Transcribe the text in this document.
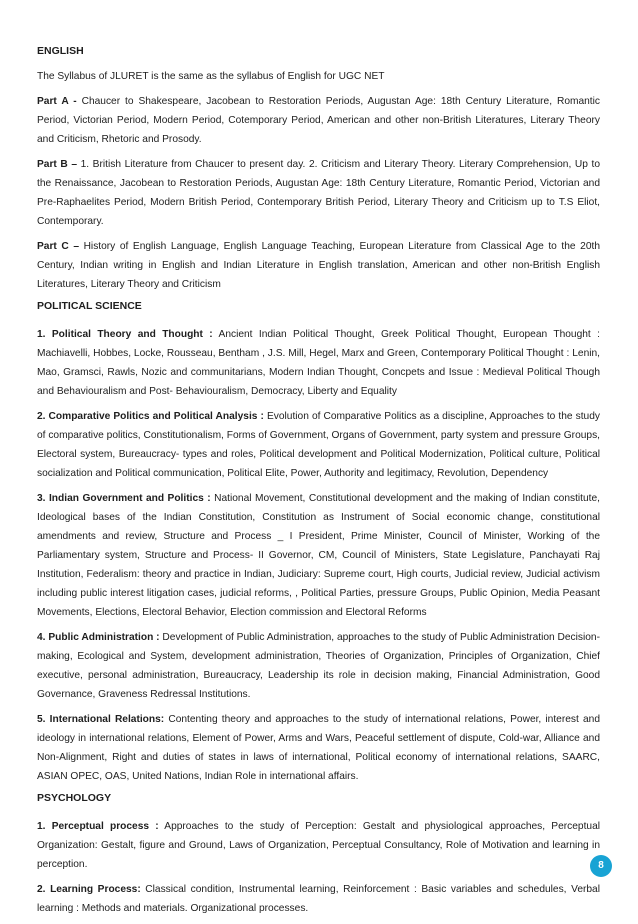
ENGLISH

The Syllabus of JLURET is the same as the syllabus of English for UGC NET

Part A - Chaucer to Shakespeare, Jacobean to Restoration Periods, Augustan Age: 18th Century Literature, Romantic Period, Victorian Period, Modern Period, Cotemporary Period, American and other non-British Literatures, Literary Theory and Criticism, Rhetoric and Prosody.

Part B – 1. British Literature from Chaucer to present day. 2. Criticism and Literary Theory. Literary Comprehension, Up to the Renaissance, Jacobean to Restoration Periods, Augustan Age: 18th Century Literature, Romantic Period, Victorian and Pre-Raphaelites Period, Modern British Period, Contemporary British Period, Literary Theory and Criticism up to T.S Eliot, Contemporary.

Part C – History of English Language, English Language Teaching, European Literature from Classical Age to the 20th Century, Indian writing in English and Indian Literature in English translation, American and other non-British English Literatures, Literary Theory and Criticism

POLITICAL SCIENCE

1. Political Theory and Thought : Ancient Indian Political Thought, Greek Political Thought, European Thought : Machiavelli, Hobbes, Locke, Rousseau, Bentham , J.S. Mill, Hegel, Marx and Green, Contemporary Political Thought : Lenin, Mao, Gramsci, Rawls, Nozic and communitarians, Modern Indian Thought, Concpets and Issue : Medieval Political Though and Behaviouralism and Post- Behaviouralism, Democracy, Liberty and Equality

2. Comparative Politics and Political Analysis : Evolution of Comparative Politics as a discipline, Approaches to the study of comparative politics, Constitutionalism, Forms of Government, Organs of Government, party system and pressure Groups, Electoral system, Bureaucracy- types and roles, Political development and Political Modernization, Political culture, Political socialization and Political communication, Political Elite, Power, Authority and legitimacy, Revolution, Dependency

3. Indian Government and Politics : National Movement, Constitutional development and the making of Indian constitute, Ideological bases of the Indian Constitution, Constitution as Instrument of Social economic change, constitutional amendments and review, Structure and Process _ I President, Prime Minister, Council of Minister, Working of the Parliamentary system, Structure and Process- II Governor, CM, Council of Ministers, State Legislature, Panchayati Raj Institution, Federalism: theory and practice in Indian, Judiciary: Supreme court, High courts, Judicial review, Judicial activism including public interest litigation cases, judicial reforms, , Political Parties, pressure Groups, Public Opinion, Media Peasant Movements, Elections, Electoral Behavior, Election commission and Electoral Reforms

4. Public Administration : Development of Public Administration, approaches to the study of Public Administration Decision-making, Ecological and System, development administration, Theories of Organization, Principles of Organization, Chief executive, personal administration, Bureaucracy, Leadership its role in decision making, Financial Administration, Good Governance, Graveness Redressal Institutions.

5. International Relations: Contenting theory and approaches to the study of international relations, Power, interest and ideology in international relations, Element of Power, Arms and Wars, Peaceful settlement of dispute, Cold-war, Alliance and Non-Alignment, Right and duties of states in laws of international, Political economy of international relations, SAARC, ASIAN OPEC, OAS, United Nations, Indian Role in international affairs.

PSYCHOLOGY

1. Perceptual process : Approaches to the study of Perception: Gestalt and physiological approaches, Perceptual Organization: Gestalt, figure and Ground, Laws of Organization, Perceptual Consultancy, Role of Motivation and learning in perception.

2. Learning Process: Classical condition, Instrumental learning, Reinforcement : Basic variables and schedules, Verbal learning : Methods and materials. Organizational processes.

8
